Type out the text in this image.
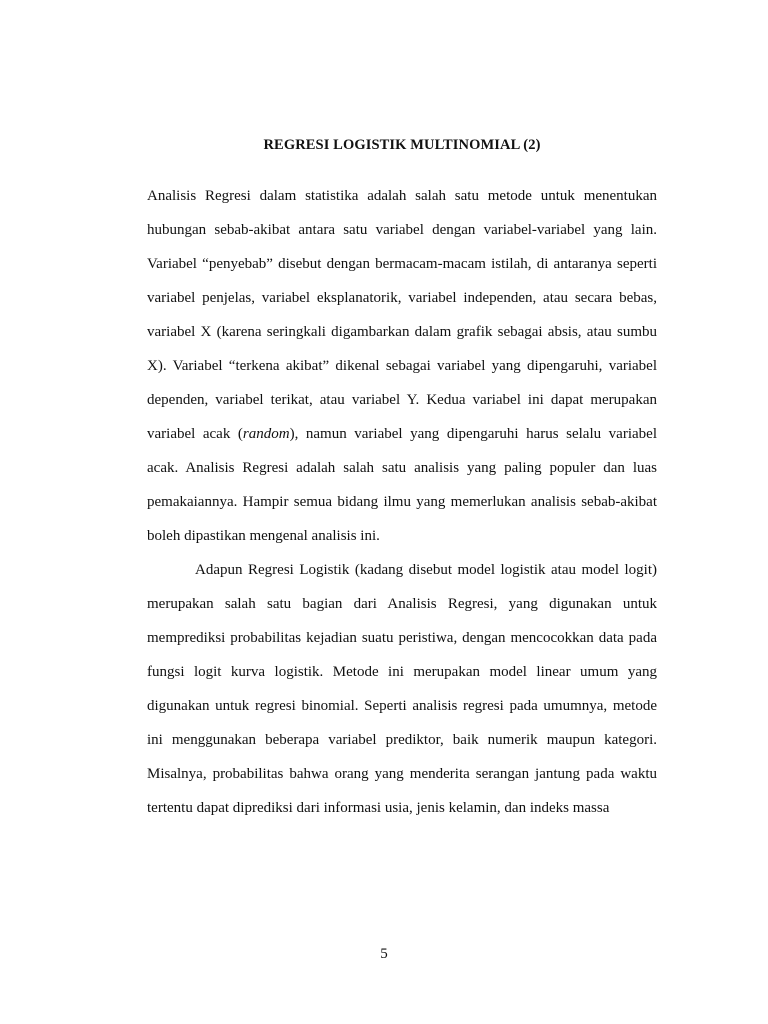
REGRESI LOGISTIK MULTINOMIAL (2)
Analisis Regresi dalam statistika adalah salah satu metode untuk menentukan
hubungan sebab-akibat antara satu variabel dengan variabel-variabel yang lain.
Variabel “penyebab” disebut dengan bermacam-macam istilah, di antaranya seperti
variabel penjelas, variabel eksplanatorik, variabel independen, atau secara bebas,
variabel X (karena seringkali digambarkan dalam grafik sebagai absis, atau sumbu
X). Variabel “terkena akibat” dikenal sebagai variabel yang dipengaruhi, variabel
dependen, variabel terikat, atau variabel Y. Kedua variabel ini dapat merupakan
variabel acak (random), namun variabel yang dipengaruhi harus selalu variabel
acak. Analisis Regresi adalah salah satu analisis yang paling populer dan luas
pemakaiannya. Hampir semua bidang ilmu yang memerlukan analisis sebab-akibat
boleh dipastikan mengenal analisis ini.
Adapun Regresi Logistik (kadang disebut model logistik atau model logit)
merupakan salah satu bagian dari Analisis Regresi, yang digunakan untuk
memprediksi probabilitas kejadian suatu peristiwa, dengan mencocokkan data pada
fungsi logit kurva logistik. Metode ini merupakan model linear umum yang
digunakan untuk regresi binomial. Seperti analisis regresi pada umumnya, metode
ini menggunakan beberapa variabel prediktor, baik numerik maupun kategori.
Misalnya, probabilitas bahwa orang yang menderita serangan jantung pada waktu
tertentu dapat diprediksi dari informasi usia, jenis kelamin, dan indeks massa
5
